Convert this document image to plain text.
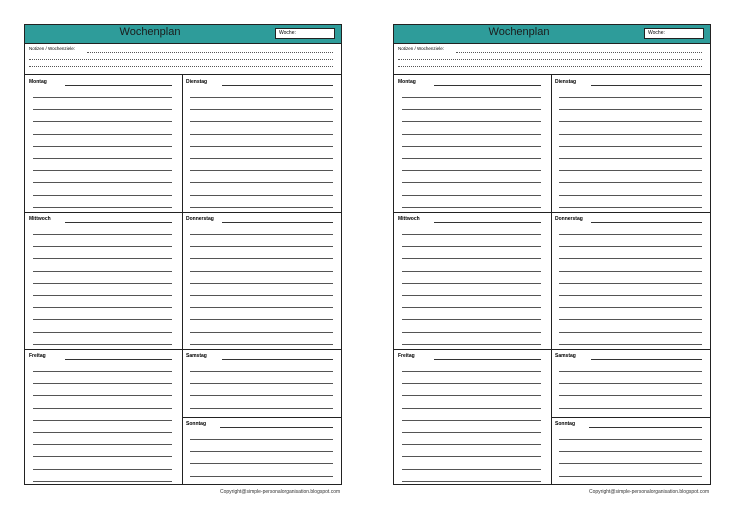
Wochenplan	Woche:
Notizen / Wochenziele:
Montag	Dienstag
Mittwoch	Donnerstag
Freitag	Samstag
Sonntag
Copyright@simple-personalorganisation.blogspot.com
Wochenplan	Woche:
Notizen / Wochenziele:
Montag	Dienstag
Mittwoch	Donnerstag
Freitag	Samstag
Sonntag
Copyright@simple-personalorganisation.blogspot.com
